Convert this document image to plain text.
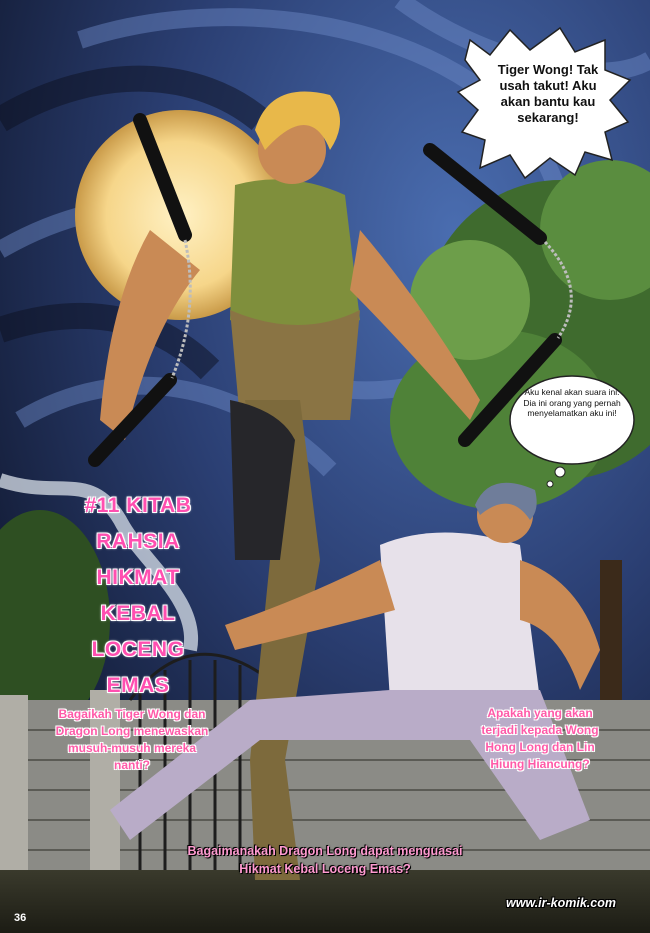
Tiger Wong! Tak usah takut! Aku akan bantu kau sekarang!
Aku kenal akan suara ini. Dia ini orang yang pernah menyelamatkan aku ini!
#11 KITAB
RAHSIA
HIKMAT
KEBAL
LOCENG
EMAS
Bagaikah Tiger Wong dan Dragon Long menewaskan musuh-musuh mereka nanti?
Apakah yang akan terjadi kepada Wong Hong Long dan Lin Hiung Hiancung?
Bagaimanakah Dragon Long dapat menguasai Hikmat Kebal Loceng Emas?
36
www.ir-komik.com
